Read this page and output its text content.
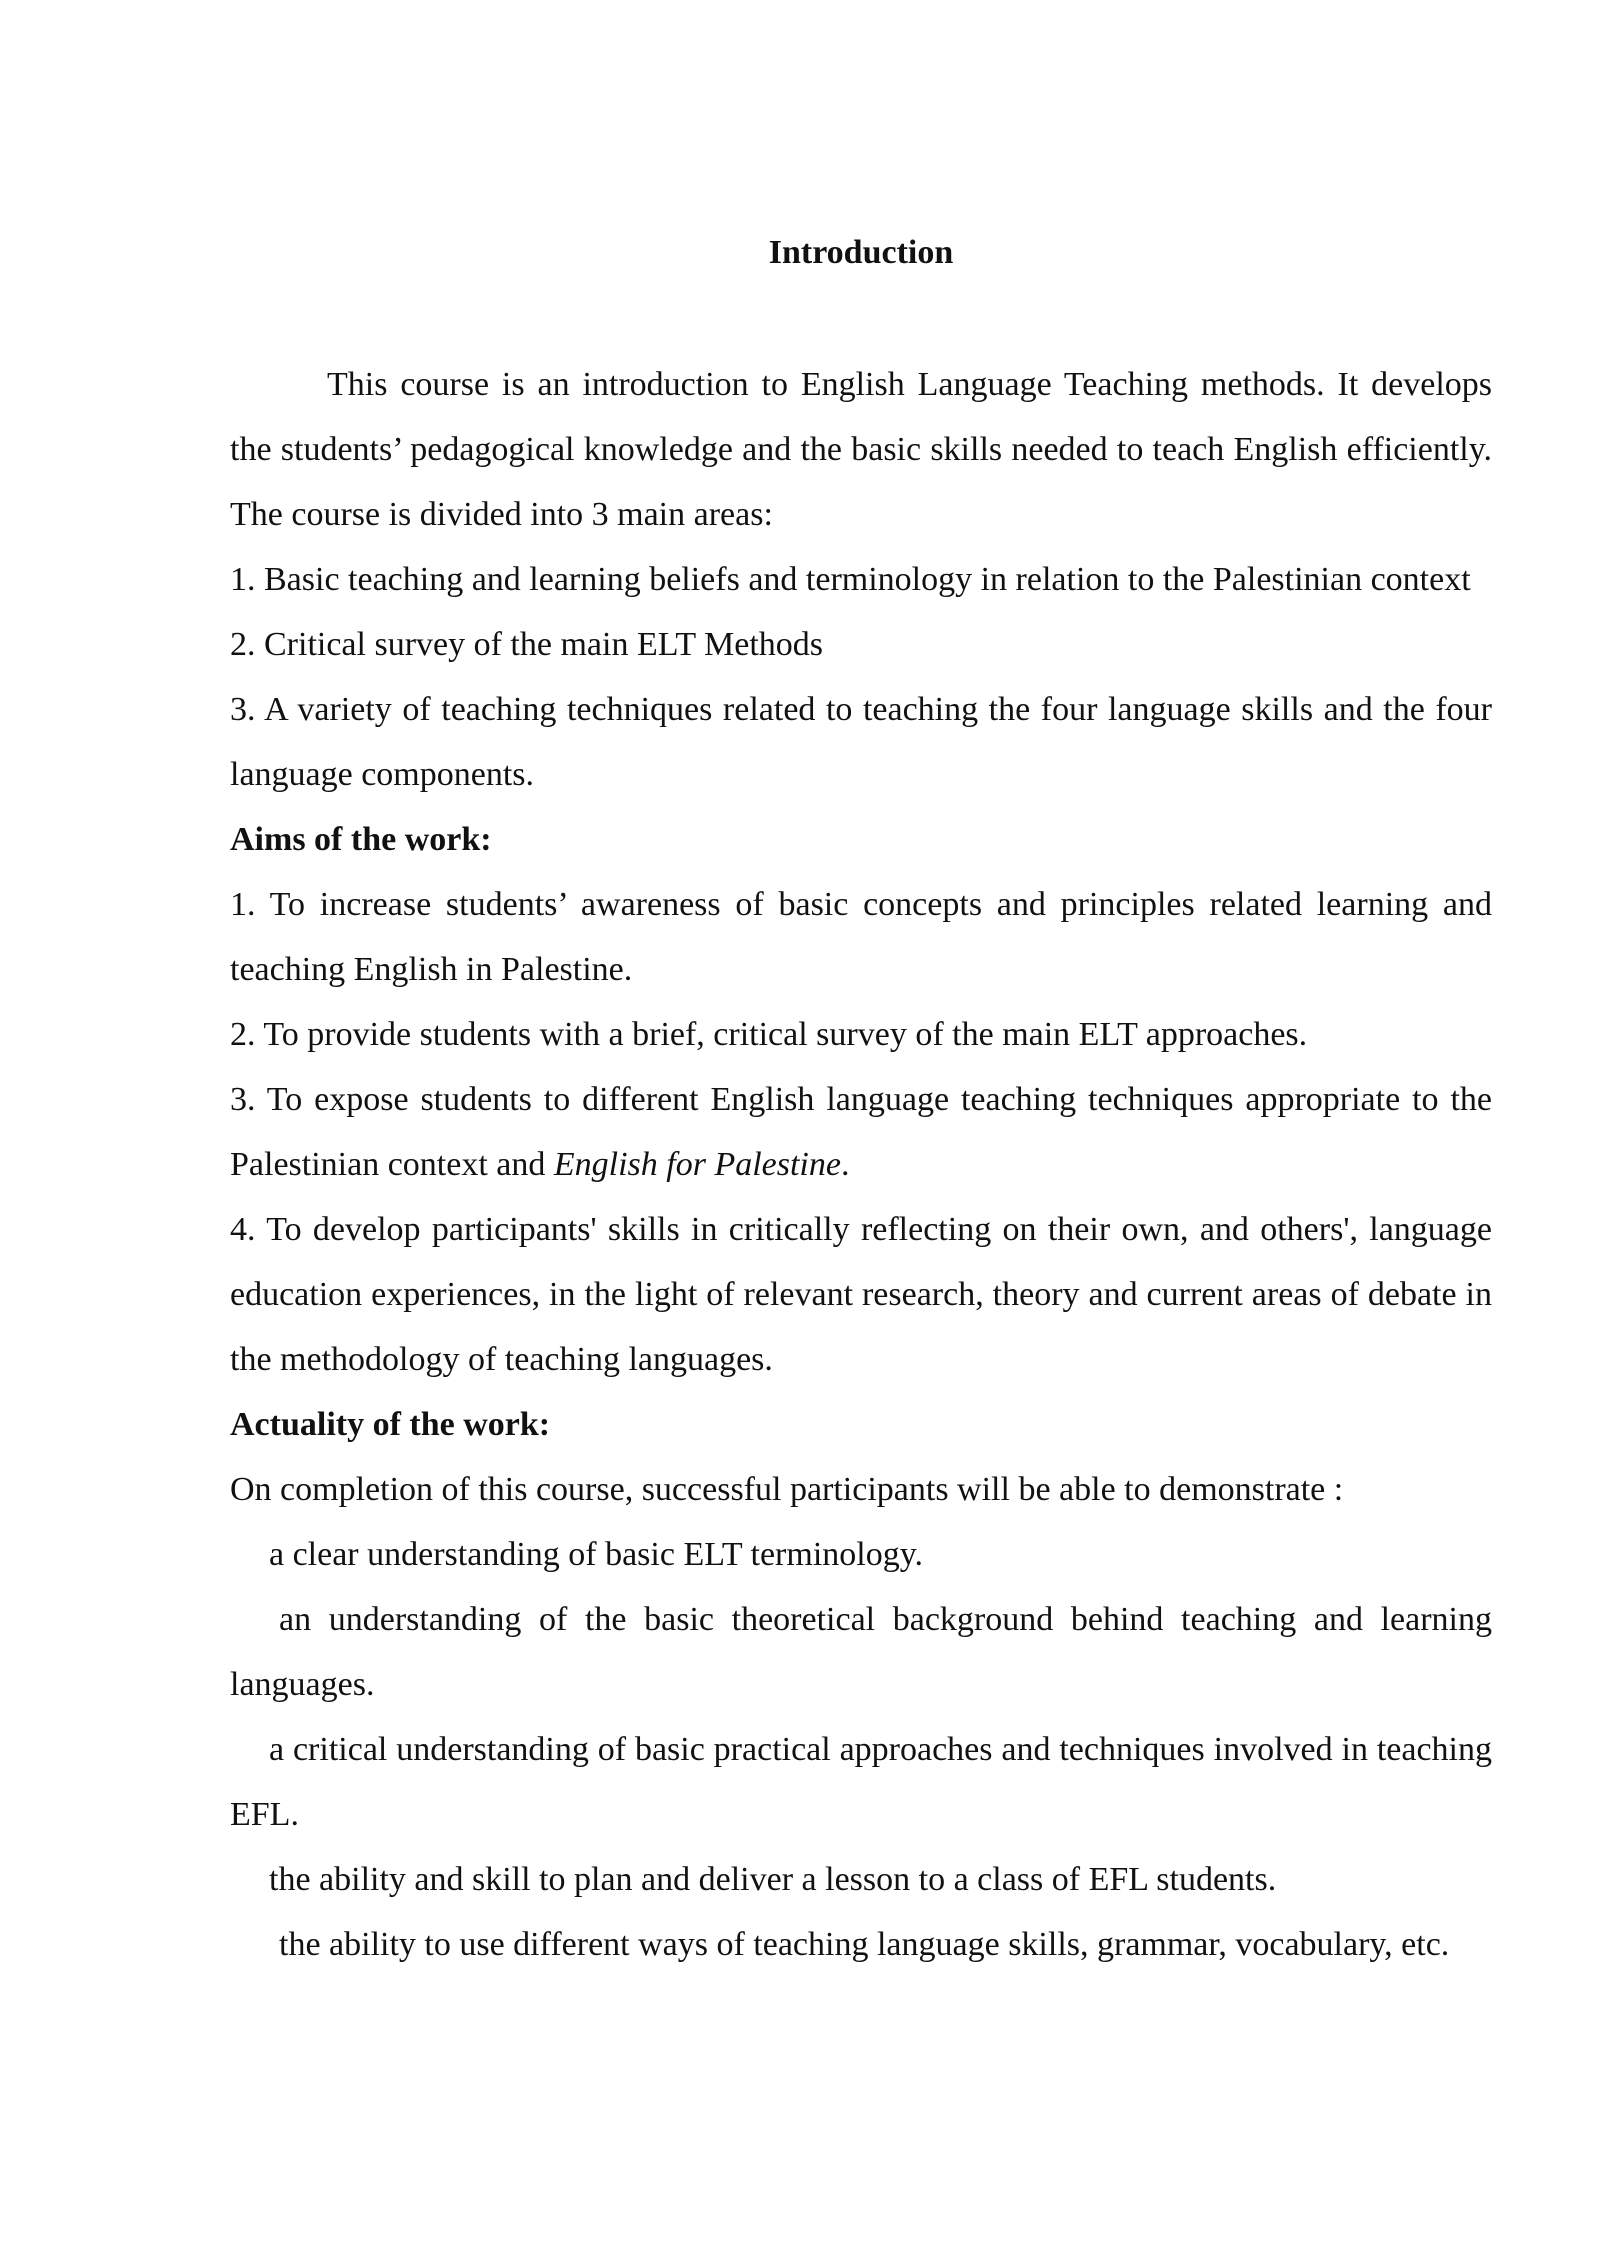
Introduction

This course is an introduction to English Language Teaching methods. It develops the students’ pedagogical knowledge and the basic skills needed to teach English efficiently. The course is divided into 3 main areas:

1. Basic teaching and learning beliefs and terminology in relation to the Palestinian context

2. Critical survey of the main ELT Methods

3. A variety of teaching techniques related to teaching the four language skills and the four language components.

Aims of the work:

1. To increase students’ awareness of basic concepts and principles related learning and teaching English in Palestine.

2. To provide students with a brief, critical survey of the main ELT approaches.

3. To expose students to different English language teaching techniques appropriate to the Palestinian context and English for Palestine.

4. To develop participants' skills in critically reflecting on their own, and others', language education experiences, in the light of relevant research, theory and current areas of debate in the methodology of teaching languages.

Actuality of the work:

On completion of this course, successful participants will be able to demonstrate :

a clear understanding of basic ELT terminology.

an understanding of the basic theoretical background behind teaching and learning languages.

a critical understanding of basic practical approaches and techniques involved in teaching EFL.

the ability and skill to plan and deliver a lesson to a class of EFL students.

the ability to use different ways of teaching language skills, grammar, vocabulary, etc.
